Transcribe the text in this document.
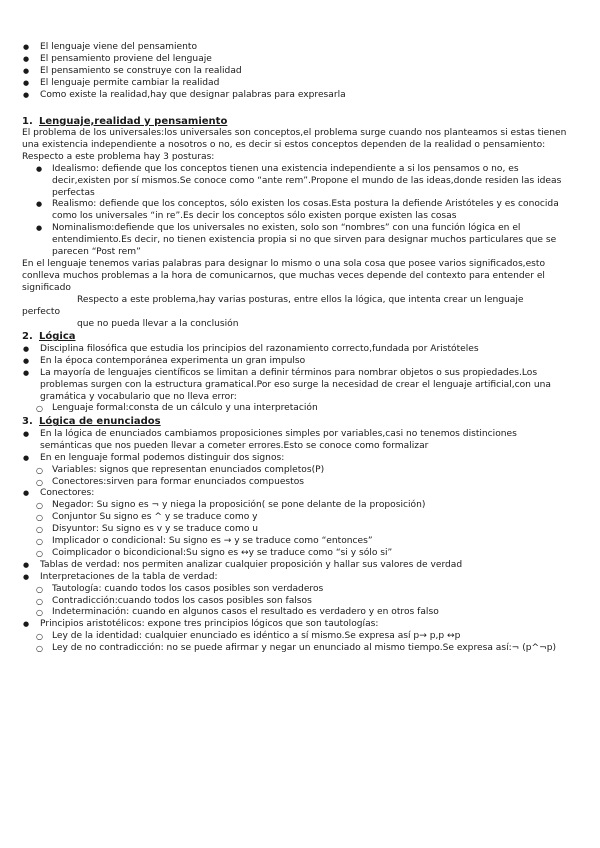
● El lenguaje viene del pensamiento
● El pensamiento proviene del lenguaje
● El pensamiento se construye con la realidad
● El lenguaje permite cambiar la realidad
● Como existe la realidad,hay que designar palabras para expresarla
1. Lenguaje,realidad y pensamiento

El problema de los universales:los universales son conceptos,el problema surge cuando nos planteamos si estas tienen una existencia independiente a nosotros o no, es decir si estos conceptos dependen de la realidad o pensamiento:

Respecto a este problema hay 3 posturas:

● Idealismo: defiende que los conceptos tienen una existencia independiente a si los pensamos o no, es decir,existen por sí mismos.Se conoce como “ante rem”.Propone el mundo de las ideas,donde residen las ideas perfectas
● Realismo: defiende que los conceptos, sólo existen los cosas.Esta postura la defiende Aristóteles y es conocida como los universales “in re”.Es decir los conceptos sólo existen porque existen las cosas
● Nominalismo:defiende que los universales no existen, solo son “nombres” con una función lógica en el entendimiento.Es decir, no tienen existencia propia si no que sirven para designar muchos particulares que se parecen “Post rem”

En el lenguaje tenemos varias palabras para designar lo mismo o una sola cosa que posee varios significados,esto conlleva muchos problemas a la hora de comunicarnos, que muchas veces depende del contexto para entender el significado

Respecto a este problema,hay varias posturas, entre ellos la lógica, que intenta crear un lenguaje

perfecto

que no pueda llevar a la conclusión

2. Lógica
● Disciplina filosófica que estudia los principios del razonamiento correcto,fundada por Aristóteles
● En la época contemporánea experimenta un gran impulso
● La mayoría de lenguajes científicos se limitan a definir términos para nombrar objetos o sus propiedades.Los problemas surgen con la estructura gramatical.Por eso surge la necesidad de crear el lenguaje artificial,con una gramática y vocabulario que no lleva error:
○ Lenguaje formal:consta de un cálculo y una interpretación
3. Lógica de enunciados
● En la lógica de enunciados cambiamos proposiciones simples por variables,casi no tenemos distinciones semánticas que nos pueden llevar a cometer errores.Esto se conoce como formalizar
● En en lenguaje formal podemos distinguir dos signos:
○ Variables: signos que representan enunciados completos(P)
○ Conectores:sirven para formar enunciados compuestos
● Conectores:
○ Negador: Su signo es ¬ y niega la proposición( se pone delante de la proposición)
○ Conjuntor Su signo es ^ y se traduce como y
○ Disyuntor: Su signo es v y se traduce como u
○ Implicador o condicional: Su signo es → y se traduce como “entonces”
○ Coimplicador o bicondicional:Su signo es ↔y se traduce como “si y sólo si”
● Tablas de verdad: nos permiten analizar cualquier proposición y hallar sus valores de verdad
● Interpretaciones de la tabla de verdad:
○ Tautología: cuando todos los casos posibles son verdaderos
○ Contradicción:cuando todos los casos posibles son falsos
○ Indeterminación: cuando en algunos casos el resultado es verdadero y en otros falso
● Principios aristotélicos: expone tres principios lógicos que son tautologías:
○ Ley de la identidad: cualquier enunciado es idéntico a sí mismo.Se expresa así p→ p,p ↔p
○ Ley de no contradicción: no se puede afirmar y negar un enunciado al mismo tiempo.Se expresa así:¬ (p^¬p)
